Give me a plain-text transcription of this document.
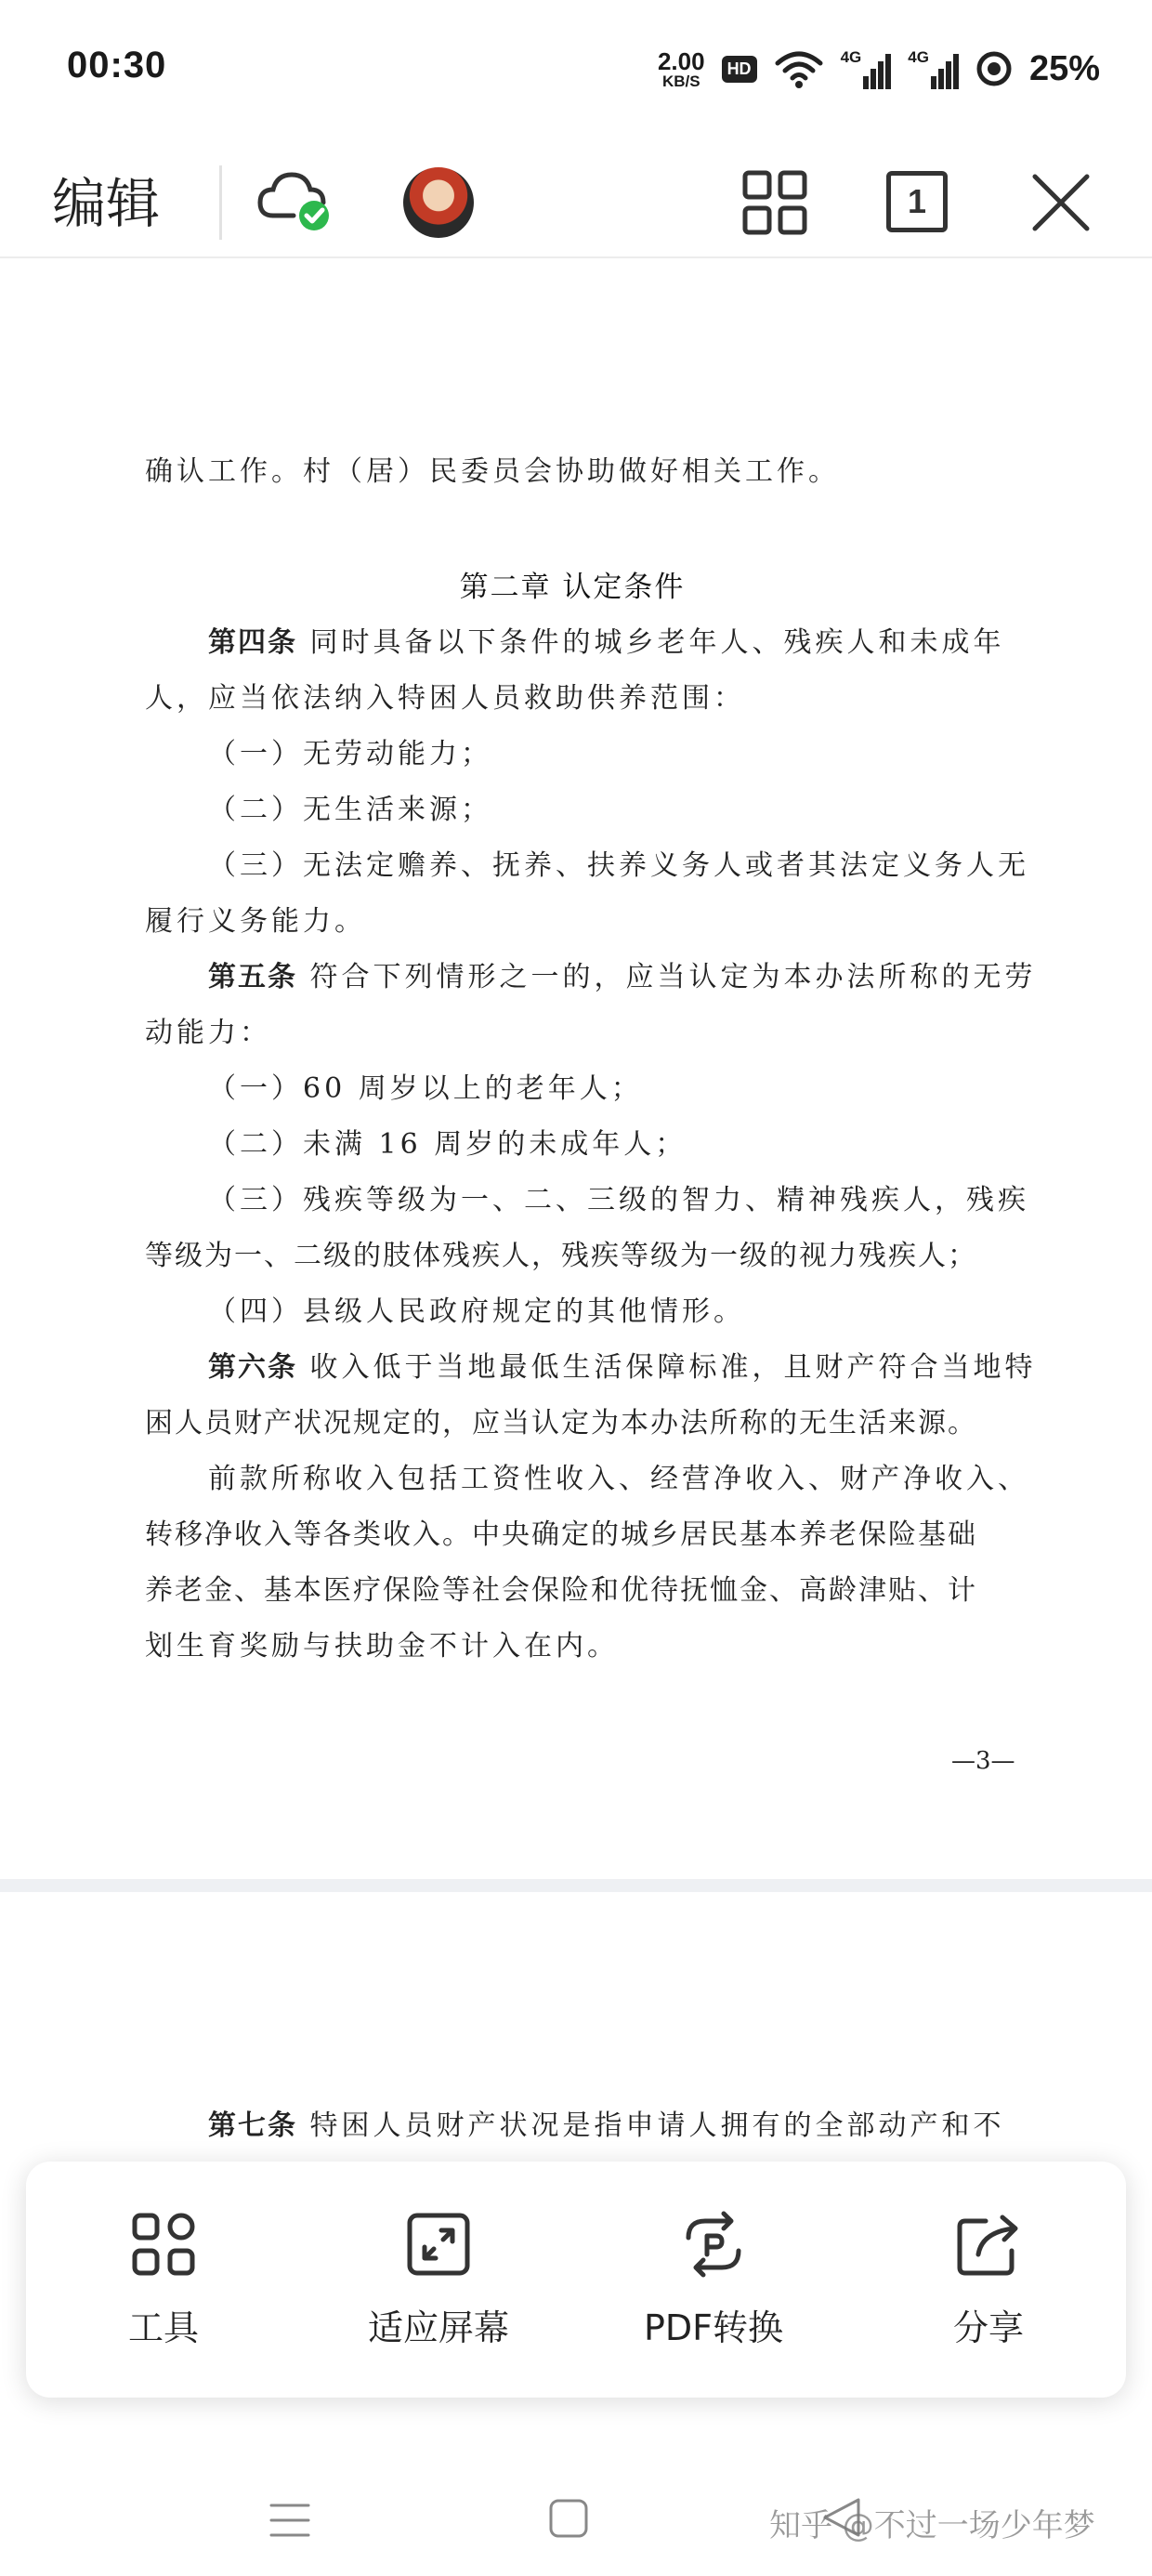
00:30	2.00
KB/S
HD
4G	4G	25%
编辑	1

确认工作。村（居）民委员会协助做好相关工作。

第二章 认定条件

第四条 同时具备以下条件的城乡老年人、残疾人和未成年

人，应当依法纳入特困人员救助供养范围：

（一）无劳动能力；

（二）无生活来源；

（三）无法定赡养、抚养、扶养义务人或者其法定义务人无

履行义务能力。

第五条 符合下列情形之一的，应当认定为本办法所称的无劳

动能力：

（一）60 周岁以上的老年人；

（二）未满 16 周岁的未成年人；

（三）残疾等级为一、二、三级的智力、精神残疾人，残疾

等级为一、二级的肢体残疾人，残疾等级为一级的视力残疾人；

（四）县级人民政府规定的其他情形。

第六条 收入低于当地最低生活保障标准，且财产符合当地特

困人员财产状况规定的，应当认定为本办法所称的无生活来源。

前款所称收入包括工资性收入、经营净收入、财产净收入、

转移净收入等各类收入。中央确定的城乡居民基本养老保险基础

养老金、基本医疗保险等社会保险和优待抚恤金、高龄津贴、计

划生育奖励与扶助金不计入在内。

—3—

第七条 特困人员财产状况是指申请人拥有的全部动产和不

工具	适应屏幕	PDF转换	分享
知乎 @不过一场少年梦
